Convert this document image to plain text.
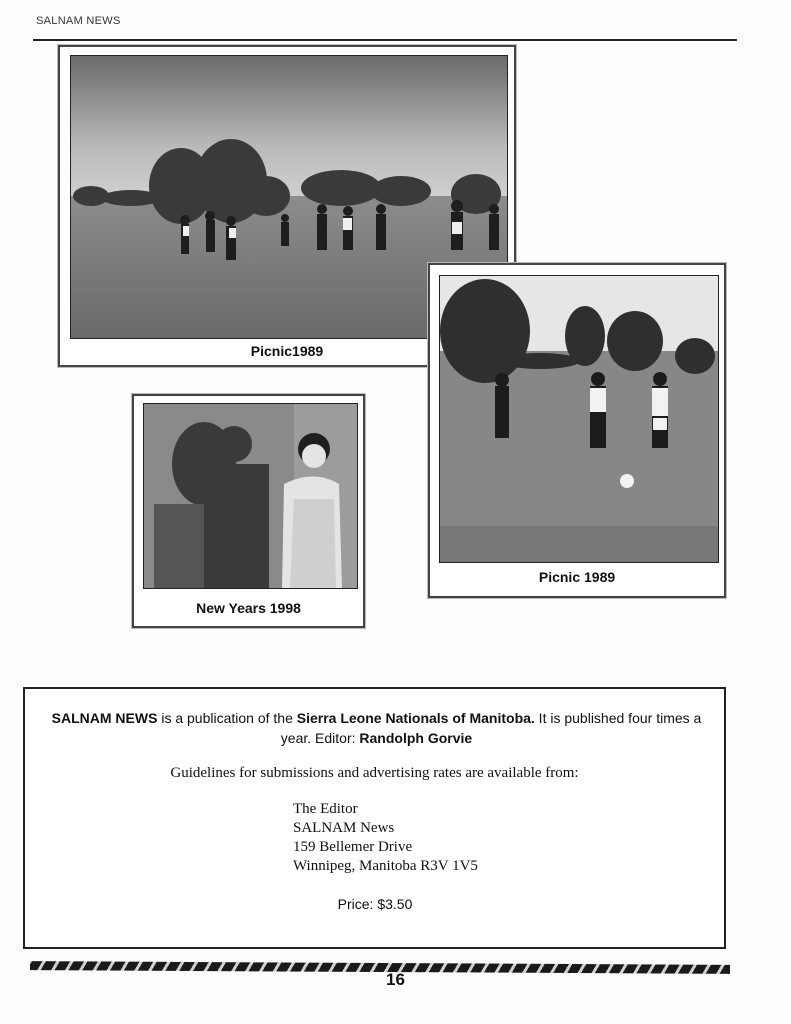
SALNAM NEWS
Picnic1989
Picnic 1989
New Years 1998
SALNAM NEWS is a publication of the Sierra Leone Nationals of Manitoba. It is published four times a year. Editor: Randolph Gorvie
Guidelines for submissions and advertising rates are available from:
The Editor
SALNAM News
159 Bellemer Drive
Winnipeg, Manitoba R3V 1V5
Price: $3.50
16
